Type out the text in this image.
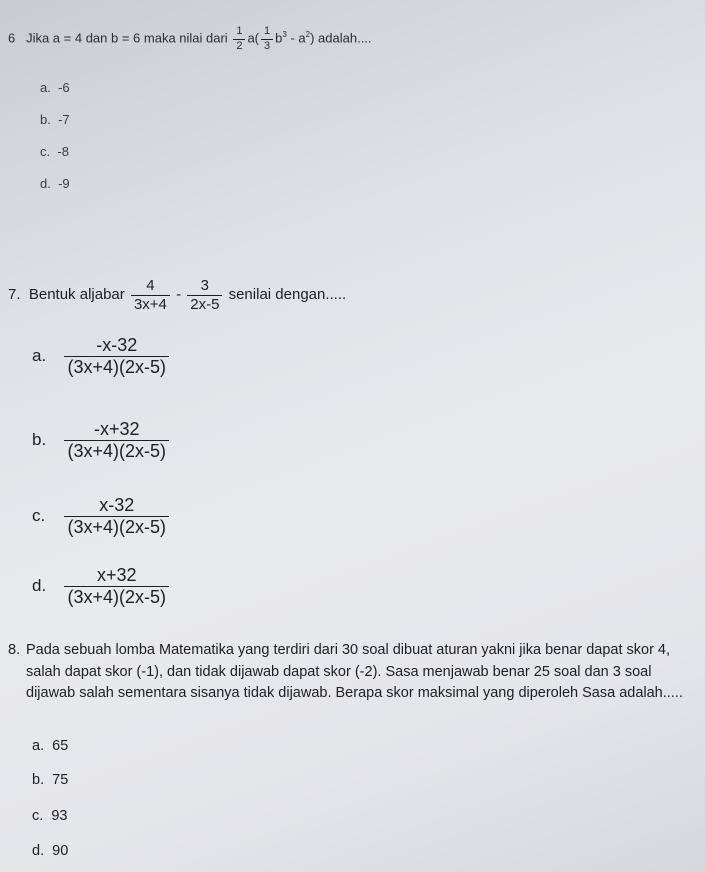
6 Jika a = 4 dan b = 6 maka nilai dari $\frac{1}{2} a( \frac{1}{3} b^3 - a^2)$ adalah....
a. -6
b. -7
c. -8
d. -9
7. Bentuk aljabar $\frac{4}{3x+4} - \frac{3}{2x-5}$ senilai dengan.....
a. $\frac{-x-32}{(3x+4)(2x-5)}$
b. $\frac{-x+32}{(3x+4)(2x-5)}$
c. $\frac{x-32}{(3x+4)(2x-5)}$
d. $\frac{x+32}{(3x+4)(2x-5)}$
8. Pada sebuah lomba Matematika yang terdiri dari 30 soal dibuat aturan yakni jika benar dapat skor 4, salah dapat skor (-1), dan tidak dijawab dapat skor (-2). Sasa menjawab benar 25 soal dan 3 soal dijawab salah sementara sisanya tidak dijawab. Berapa skor maksimal yang diperoleh Sasa adalah.....
a. 65
b. 75
c. 93
d. 90
